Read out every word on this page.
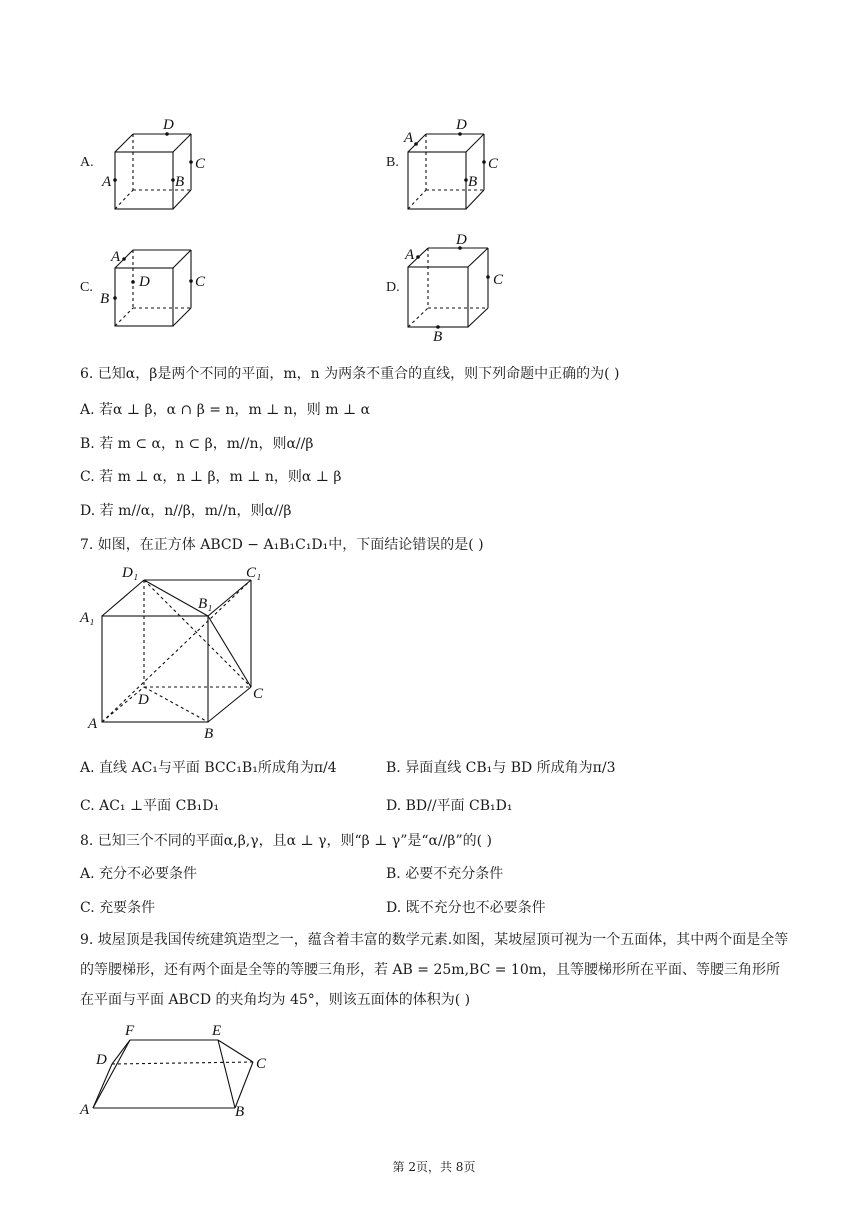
A.
D
C
A	B
B.
A
D
C
B
C.
A
D	C
B
D.
A
D
C
B
6. 已知α，β是两个不同的平面，m，n 为两条不重合的直线，则下列命题中正确的为( )
A. 若α ⊥ β，α ∩ β = n，m ⊥ n，则 m ⊥ α
B. 若 m ⊂ α，n ⊂ β，m//n，则α//β
C. 若 m ⊥ α，n ⊥ β，m ⊥ n，则α ⊥ β
D. 若 m//α，n//β，m//n，则α//β
7. 如图，在正方体 ABCD − A₁B₁C₁D₁中，下面结论错误的是( )
D₁	C₁
A₁
B₁
D	C
A
B
A. 直线 AC₁与平面 BCC₁B₁所成角为π/4	B. 异面直线 CB₁与 BD 所成角为π/3
C. AC₁ ⊥平面 CB₁D₁	D. BD//平面 CB₁D₁
8. 已知三个不同的平面α,β,γ，且α ⊥ γ，则“β ⊥ γ”是“α//β”的( )
A. 充分不必要条件	B. 必要不充分条件
C. 充要条件	D. 既不充分也不必要条件
9. 坡屋顶是我国传统建筑造型之一，蕴含着丰富的数学元素.如图，某坡屋顶可视为一个五面体，其中两个面是全等的等腰梯形，还有两个面是全等的等腰三角形，若 AB = 25m,BC = 10m，且等腰梯形所在平面、等腰三角形所在平面与平面 ABCD 的夹角均为 45°，则该五面体的体积为( )
F	E
D	C
A	B
第 2页，共 8页
